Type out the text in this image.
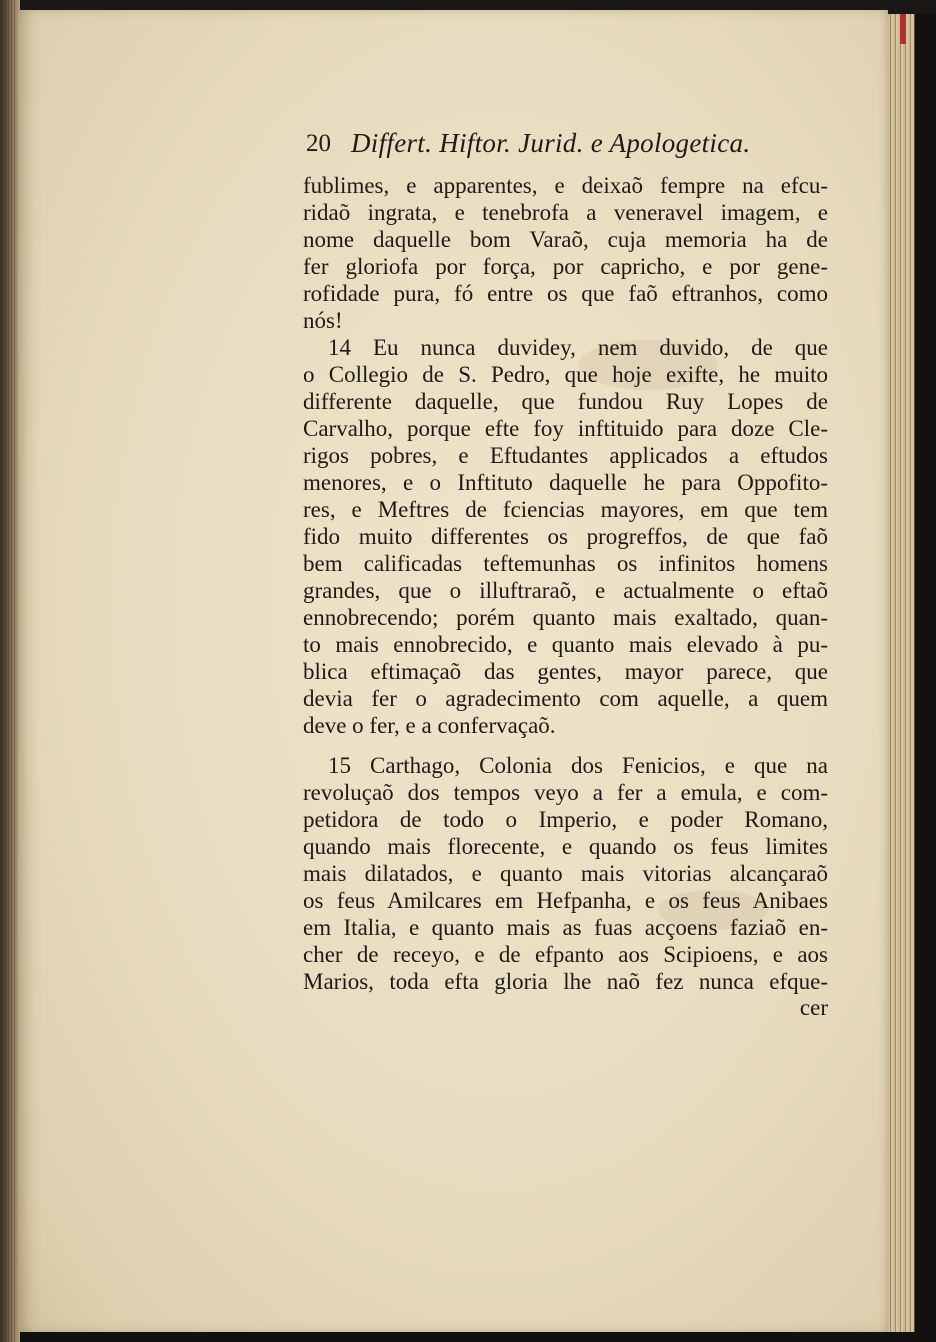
20 Differt. Hiftor. Jurid. e Apologetica.
fublimes, e apparentes, e deixaõ fempre na efcu-
ridaõ ingrata, e tenebrofa a veneravel imagem, e
nome daquelle bom Varaõ, cuja memoria ha de
fer gloriofa por força, por capricho, e por gene-
rofidade pura, fó entre os que faõ eftranhos, como
nós!
14 Eu nunca duvidey, nem duvido, de que
o Collegio de S. Pedro, que hoje exifte, he muito
differente daquelle, que fundou Ruy Lopes de
Carvalho, porque efte foy inftituido para doze Cle-
rigos pobres, e Eftudantes applicados a eftudos
menores, e o Inftituto daquelle he para Oppofito-
res, e Meftres de fciencias mayores, em que tem
fido muito differentes os progreffos, de que faõ
bem calificadas teftemunhas os infinitos homens
grandes, que o illuftraraõ, e actualmente o eftaõ
ennobrecendo; porém quanto mais exaltado, quan-
to mais ennobrecido, e quanto mais elevado à pu-
blica eftimaçaõ das gentes, mayor parece, que
devia fer o agradecimento com aquelle, a quem
deve o fer, e a confervaçaõ.
15 Carthago, Colonia dos Fenicios, e que na
revoluçaõ dos tempos veyo a fer a emula, e com-
petidora de todo o Imperio, e poder Romano,
quando mais florecente, e quando os feus limites
mais dilatados, e quanto mais vitorias alcançaraõ
os feus Amilcares em Hefpanha, e os feus Anibaes
em Italia, e quanto mais as fuas acçoens faziaõ en-
cher de receyo, e de efpanto aos Scipioens, e aos
Marios, toda efta gloria lhe naõ fez nunca efque-
cer
